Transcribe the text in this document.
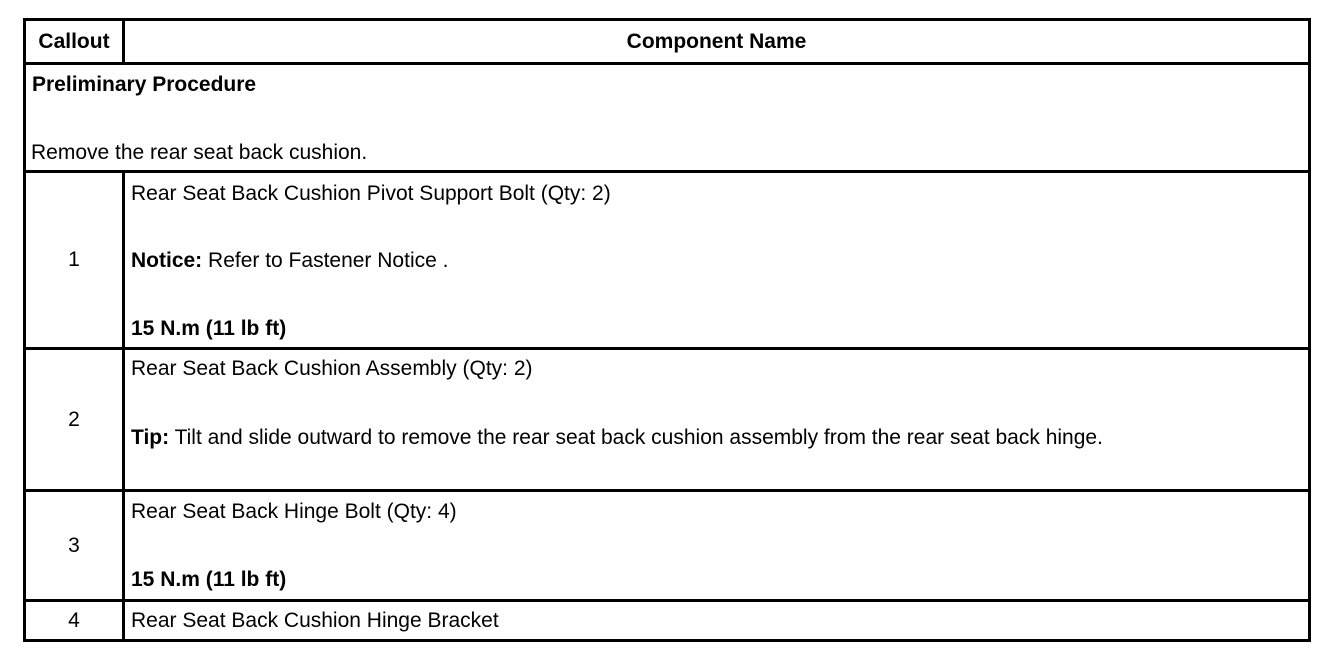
Callout	Component Name
Preliminary Procedure
Remove the rear seat back cushion.
1
Rear Seat Back Cushion Pivot Support Bolt (Qty: 2)
Notice: Refer to Fastener Notice .
15 N.m (11 lb ft)
2
Rear Seat Back Cushion Assembly (Qty: 2)
Tip: Tilt and slide outward to remove the rear seat back cushion assembly from the rear seat back hinge.
3
Rear Seat Back Hinge Bolt (Qty: 4)
15 N.m (11 lb ft)
4	Rear Seat Back Cushion Hinge Bracket
